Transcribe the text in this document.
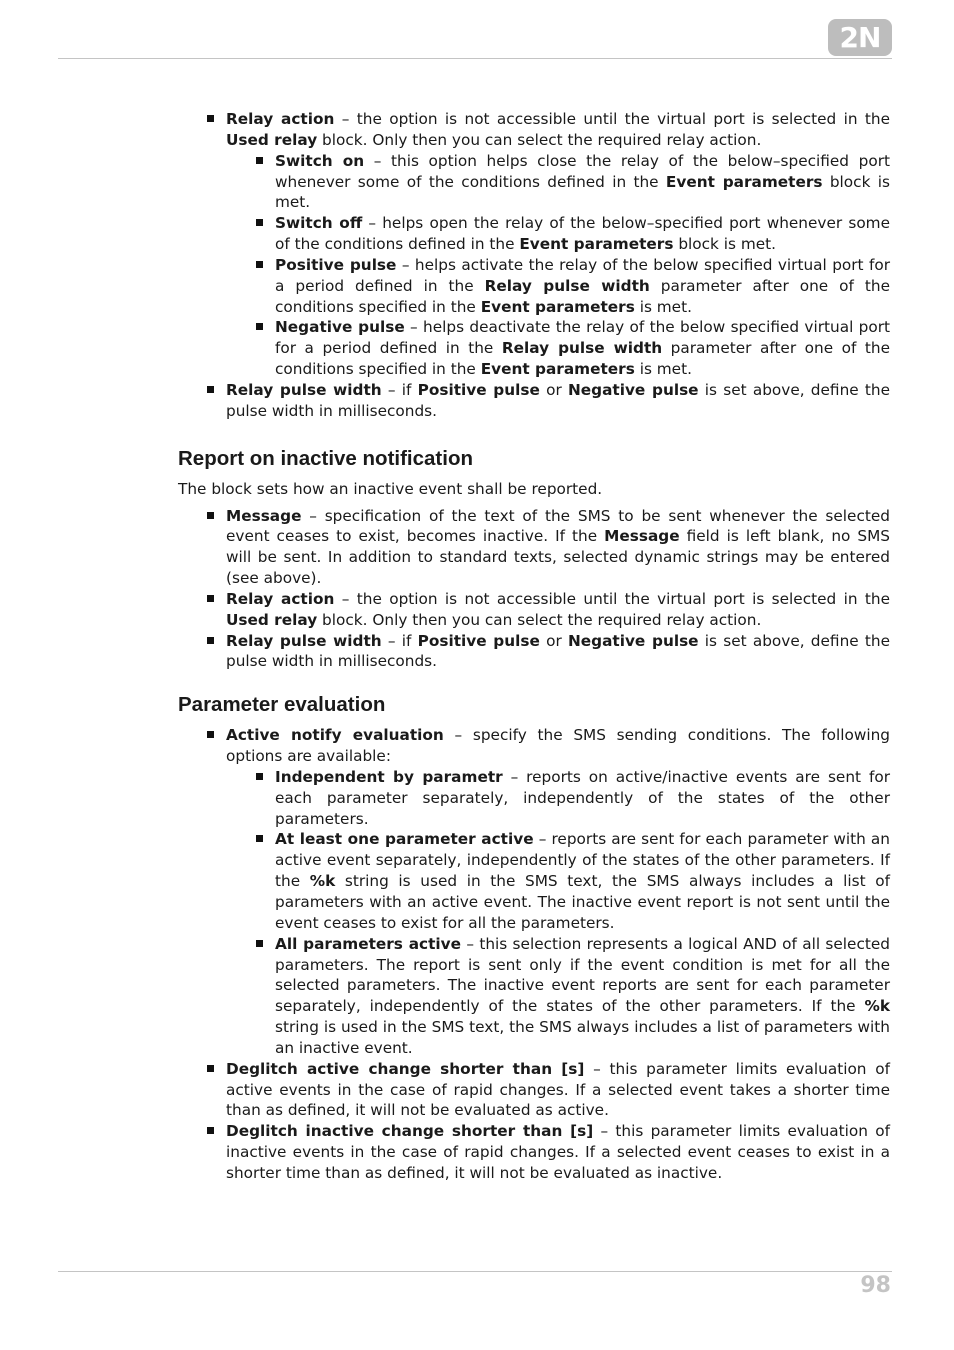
2N
Relay action – the option is not accessible until the virtual port is selected in the Used relay block. Only then you can select the required relay action.
Switch on – this option helps close the relay of the below–specified port whenever some of the conditions defined in the Event parameters block is met.
Switch off – helps open the relay of the below–specified port whenever some of the conditions defined in the Event parameters block is met.
Positive pulse – helps activate the relay of the below specified virtual port for a period defined in the Relay pulse width parameter after one of the conditions specified in the Event parameters is met.
Negative pulse – helps deactivate the relay of the below specified virtual port for a period defined in the Relay pulse width parameter after one of the conditions specified in the Event parameters is met.
Relay pulse width – if Positive pulse or Negative pulse is set above, define the pulse width in milliseconds.
Report on inactive notification

The block sets how an inactive event shall be reported.

Message – specification of the text of the SMS to be sent whenever the selected event ceases to exist, becomes inactive. If the Message field is left blank, no SMS will be sent. In addition to standard texts, selected dynamic strings may be entered (see above).
Relay action – the option is not accessible until the virtual port is selected in the Used relay block. Only then you can select the required relay action.
Relay pulse width – if Positive pulse or Negative pulse is set above, define the pulse width in milliseconds.
Parameter evaluation
Active notify evaluation – specify the SMS sending conditions. The following options are available:
Independent by parametr – reports on active/inactive events are sent for each parameter separately, independently of the states of the other parameters.
At least one parameter active – reports are sent for each parameter with an active event separately, independently of the states of the other parameters. If the %k string is used in the SMS text, the SMS always includes a list of parameters with an active event. The inactive event report is not sent until the event ceases to exist for all the parameters.
All parameters active – this selection represents a logical AND of all selected parameters. The report is sent only if the event condition is met for all the selected parameters. The inactive event reports are sent for each parameter separately, independently of the states of the other parameters. If the %k string is used in the SMS text, the SMS always includes a list of parameters with an inactive event.
Deglitch active change shorter than [s] – this parameter limits evaluation of active events in the case of rapid changes. If a selected event takes a shorter time than as defined, it will not be evaluated as active.
Deglitch inactive change shorter than [s] – this parameter limits evaluation of inactive events in the case of rapid changes. If a selected event ceases to exist in a shorter time than as defined, it will not be evaluated as inactive.
98
